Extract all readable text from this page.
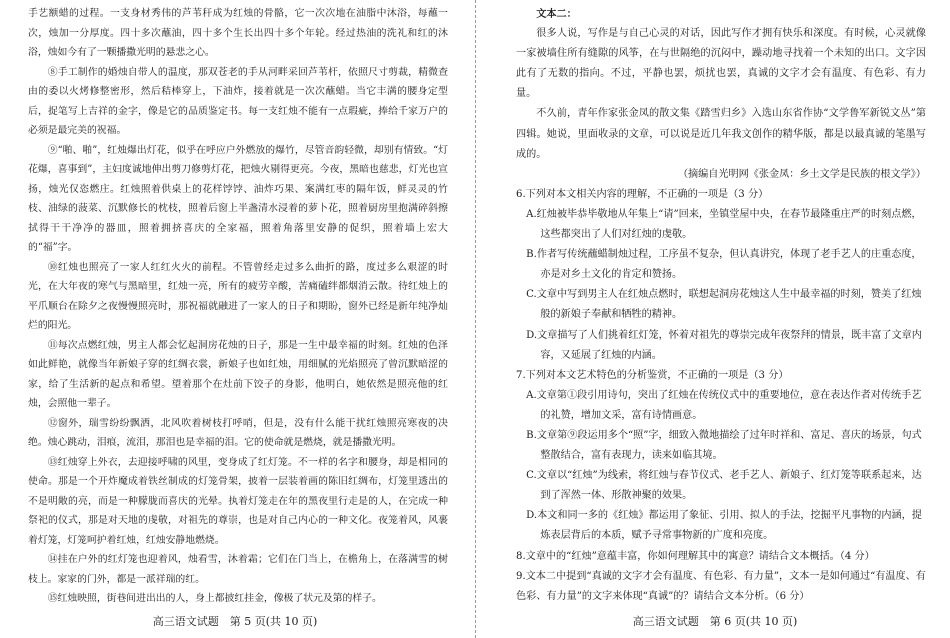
手艺额蜡的过程。一支身材秀伟的芦苇秆成为红烛的骨骼，它一次次地在油脂中沐浴，每蘸一次，烛加一分厚度。四十多次蘸油，四十多个生长出四十多个年轮。经过热油的洗礼和红的沐浴，烛如今有了一颗播撒光明的悬悲之心。

⑧手工制作的婚烛自带人的温度，那双苍老的手从河畔采回芦苇杆，依照尺寸剪裁，精微查由的委以火烤修整密形，然后秸棒穿上，下油炸，接着就是一次次蘸蜡。当它丰满的腰身定型后，捉笔写上吉祥的金字，像是它的品质鉴定书。每一支红烛不能有一点瑕疵，捧给千家万户的必须是最完美的祝福。

⑨“啪、啪”，红烛爆出灯花，似乎在呼应户外燃放的爆竹，尽管音韵轻微，却别有情致。“灯花爆，喜事到”，主妇度诚地伸出剪刀修剪灯花，把烛火剔得更亮。今夜，黑暗也慈悲，灯光也宣扬，烛光仅恣燃庄。红烛照着供桌上的花样饽饽、油炸巧果、案满红枣的隔年饭，鲜灵灵的竹枝、油绿的菠菜、沉默修长的枕枝，照着后窗上半盏清水浸着的萝卜花，照着厨房里抱满碎斜擦拭得干干净净的器皿，照着拥挤喜庆的全家福，照着角落里安静的促织，照着墙上宏大的“福”字。

⑩红烛也照亮了一家人红红火火的前程。不管曾经走过多么曲折的路，度过多么艰涩的时光，在大年夜的寒气与黑暗里，红烛一亮，所有的疲劳辛酸，苦痛磕绊都烟消云散。待红烛上的平爪顺台在除夕之夜慢慢照亮时，那祝福就融进了一家人的日子和期盼，窗外已经是新年纯净灿烂的阳光。

⑪每次点燃红烛，男主人都会忆起洞房花烛的日子，那是一生中最幸福的时刻。红烛的色泽如此鲜艳，就像当年新娘子穿的红绸衣裳，新娘子也如红烛，用细腻的光焰照亮了曾沉默暗涩的家，给了生活新的起点和希望。望着那个在灶前下饺子的身影，他明白，她依然是照亮他的红烛，会照他一辈子。

⑫窗外，瑞雪纷纷飘洒，北风吹着树枝打呼哨，但是，没有什么能干扰红烛照亮寒夜的决绝。烛心跳动，泪痕，流泪，那泪也是幸福的泪。它的使命就是燃烧，就是播撒光明。

⑬红烛穿上外衣，去迎接呼啸的风里，变身成了红灯笼。不一样的名字和腰身，却是相同的使命。那是一个开炸魔成着铁丝制成的灯笼骨架，披着一层装着画的陈旧红绸布，灯笼里透出的不是明敞的亮，而是一种朦胧而喜庆的光晕。执着灯笼走在年的黑夜里行走是的人，在完成一种祭祀的仪式，那是对天地的虔敬，对祖先的尊崇，也是对自己内心的一种文化。夜笼着风，风裹着灯笼，灯笼呵护着红烛，红烛安静地燃烧。

⑭挂在户外的红灯笼也迎着风，烛看雪，沐着霜；它们在门当上，在檐角上，在落满雪的树枝上。家家的门外，都是一派祥瑞的红。

⑮红烛映照，街巷间进出出的人，身上都披红挂金，像极了状元及第的样子。

高三语文试题　第 5 页(共 10 页)

文本二：

很多人说，写作是与自己心灵的对话，因此写作才拥有快乐和深度。有时候，心灵就像一家被墙住所有缝隙的风筝，在与世隔绝的沉闷中，躁动地寻找着一个未知的出口。文字因此有了无数的指向。不过，平静也罢，烦扰也罢，真诚的文字才会有温度、有色彩、有力量。

不久前，青年作家张金凤的散文集《踏雪归乡》入选山东省作协“文学鲁军新锐文丛”第四辑。她说，里面收录的文章，可以说是近几年我文创作的精华版，都是以最真诚的笔墨写成的。

（摘编自光明网《张金凤：乡土文学是民族的根文学》）

6.下列对本文相关内容的理解，不正确的一项是（3 分）

A.红烛被毕恭毕敬地从年集上“请”回来，坐镇堂屋中央，在春节最隆重庄严的时刻点燃，这些都突出了人们对红烛的虔敬。

B.作者写传统蘸蜡制烛过程，工序虽不复杂，但认真讲究，体现了老手艺人的庄重态度，亦是对乡土文化的肯定和赞扬。

C.文章中写到男主人在红烛点燃时，联想起洞房花烛这人生中最幸福的时刻，赞美了红烛般的新娘子奉献和牺牲的精神。

D.文章描写了人们挑着红灯笼，怀着对祖先的尊崇完成年夜祭拜的情景，既丰富了文章内容，又延展了红烛的内涵。

7.下列对本文艺术特色的分析鉴赏，不正确的一项是（3 分）

A.文章第①段引用诗句，突出了红烛在传统仪式中的重要地位，意在表达作者对传统手艺的礼赞，增加文采，富有诗情画意。

B.文章第⑨段运用多个“照”字，细致入微地描绘了过年时祥和、富足、喜庆的场景，句式整散结合，富有表现力，读来如临其境。

C.文章以“红烛”为线索，将红烛与春节仪式、老手艺人、新娘子、红灯笼等联系起来，达到了浑然一体、形散神聚的效果。

D.本文和同一多的《红烛》都运用了象征、引用、拟人的手法，挖掘平凡事物的内涵，提炼表层背后的本质，赋予寻常事物新的广度和亮度。

8.文章中的“红烛”意蕴丰富，你如何理解其中的寓意？请结合文本概括。（4 分）

9.文本二中提到“真诚的文字才会有温度、有色彩、有力量”，文本一是如何通过“有温度、有色彩、有力量”的文字来体现“真诚”的？请结合文本分析。（6 分）

高三语文试题　第 6 页(共 10 页)
